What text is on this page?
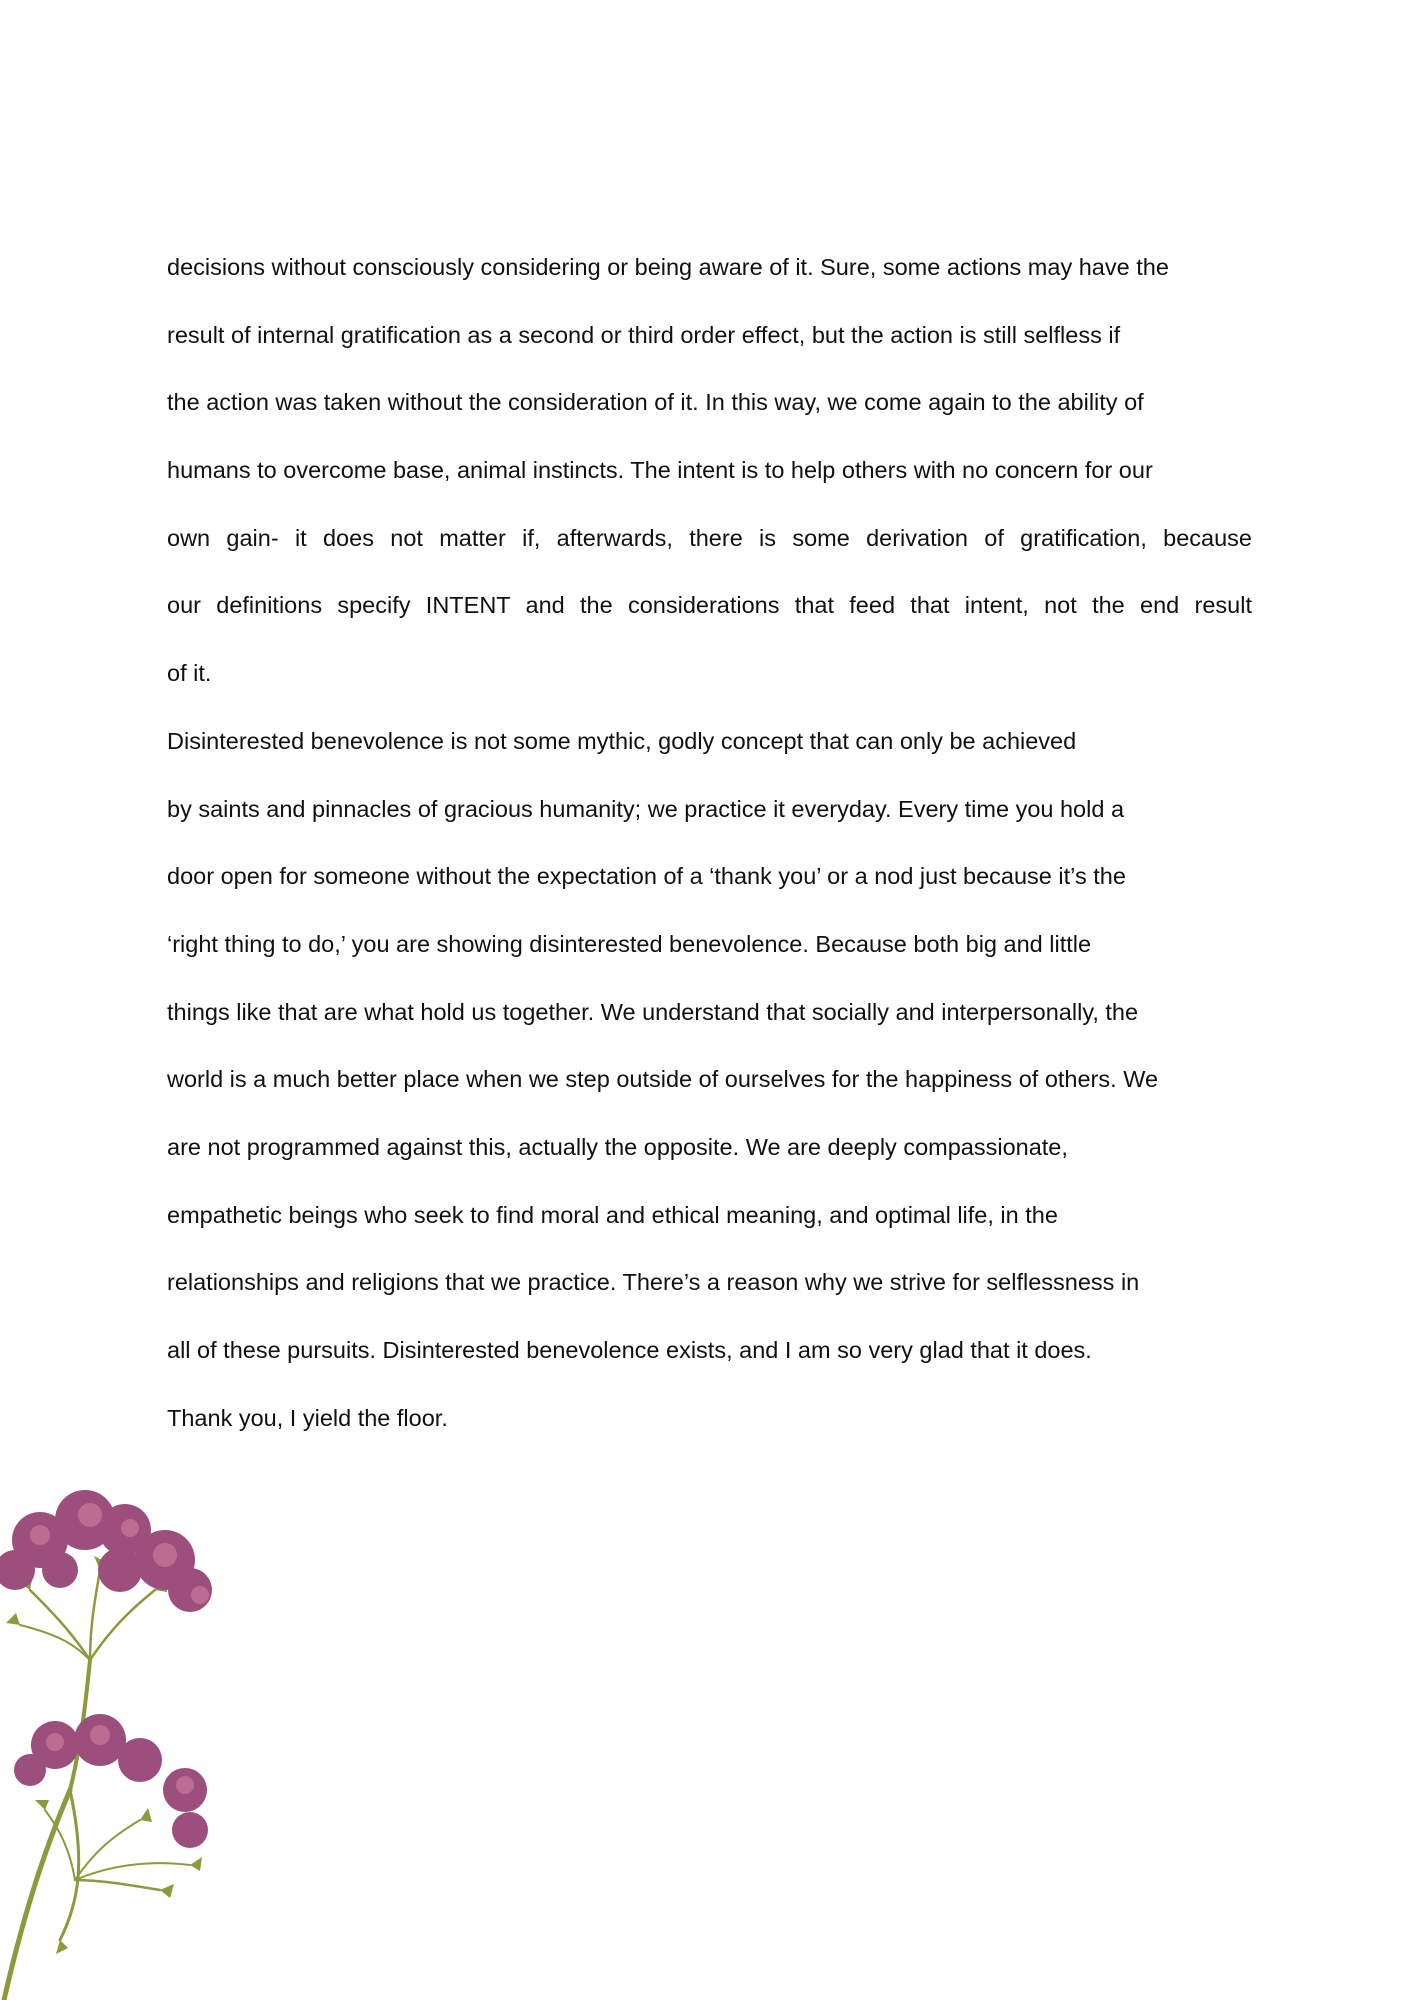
decisions without consciously considering or being aware of it. Sure, some actions may have the
result of internal gratification as a second or third order effect, but the action is still selfless if
the action was taken without the consideration of it. In this way, we come again to the ability of
humans to overcome base, animal instincts. The intent is to help others with no concern for our
own gain- it does not matter if, afterwards, there is some derivation of gratification, because
our definitions specify INTENT and the considerations that feed that intent, not the end result
of it.
Disinterested benevolence is not some mythic, godly concept that can only be achieved
by saints and pinnacles of gracious humanity; we practice it everyday. Every time you hold a
door open for someone without the expectation of a ‘thank you’ or a nod just because it’s the
‘right thing to do,’ you are showing disinterested benevolence. Because both big and little
things like that are what hold us together. We understand that socially and interpersonally, the
world is a much better place when we step outside of ourselves for the happiness of others. We
are not programmed against this, actually the opposite. We are deeply compassionate,
empathetic beings who seek to find moral and ethical meaning, and optimal life, in the
relationships and religions that we practice. There’s a reason why we strive for selflessness in
all of these pursuits. Disinterested benevolence exists, and I am so very glad that it does.
Thank you, I yield the floor.
